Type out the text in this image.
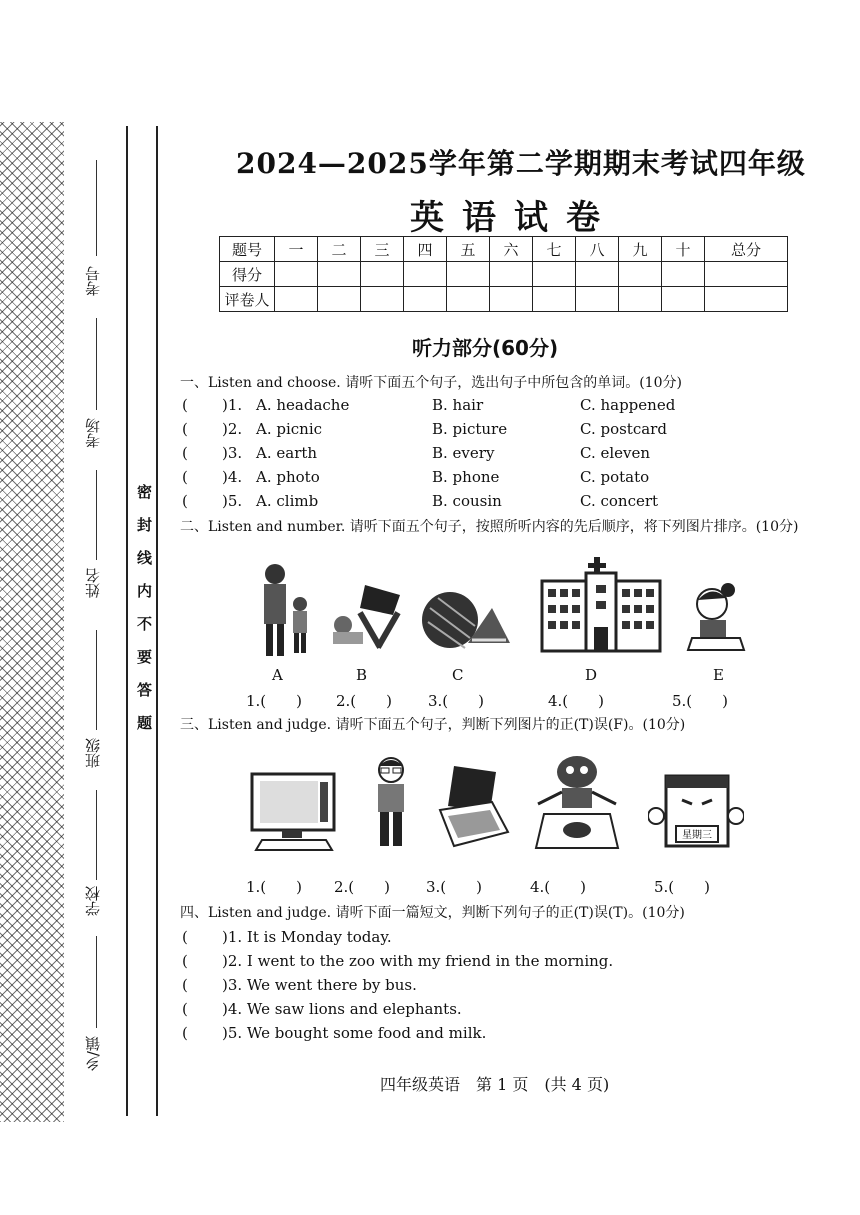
考号
考场
姓名
班级
学校
乡/镇
密封线内不要答题
2024—2025学年第二学期期末考试四年级
英语试卷
题号	一	二	三	四	五	六	七	八	九	十	总分
得分											
评卷人											
听力部分(60分)
一、Listen and choose. 请听下面五个句子，选出句子中所包含的单词。(10分)
( )1. A. headache	B. hair	C. happened
( )2. A. picnic	B. picture	C. postcard
( )3. A. earth	B. every	C. eleven
( )4. A. photo	B. phone	C. potato
( )5. A. climb	B. cousin	C. concert
二、Listen and number. 请听下面五个句子，按照所听内容的先后顺序，将下列图片排序。(10分)
A	B	C	D	E
1.(　　) 2.(　　) 3.(　　)	4.(　　)	5.(　　)
三、Listen and judge. 请听下面五个句子，判断下列图片的正(T)误(F)。(10分)
星期三
1.(　　) 2.(　　) 3.(　　)	4.(　　)	5.(　　)
四、Listen and judge. 请听下面一篇短文，判断下列句子的正(T)误(T)。(10分)
( )1. It is Monday today.
( )2. I went to the zoo with my friend in the morning.
( )3. We went there by bus.
( )4. We saw lions and elephants.
( )5. We bought some food and milk.
四年级英语　第 1 页　(共 4 页)
